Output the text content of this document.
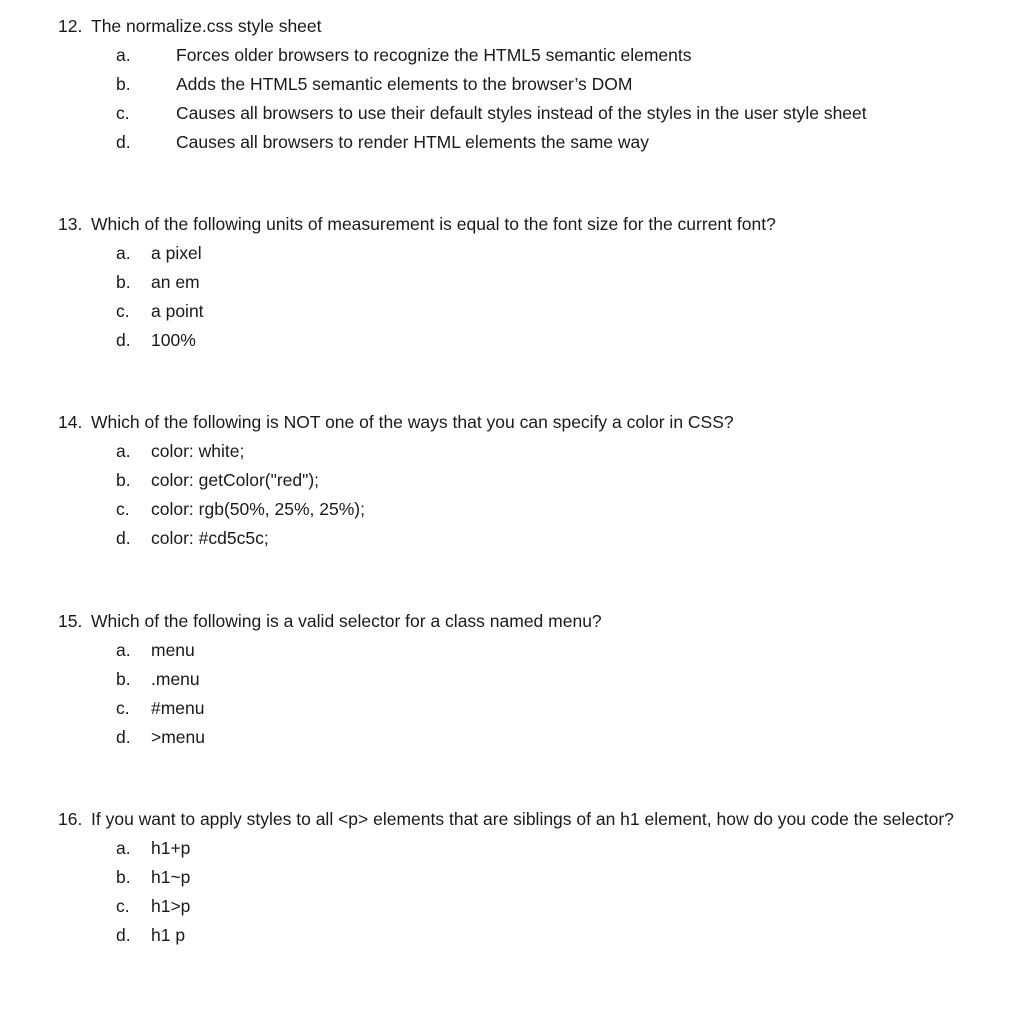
12. The normalize.css style sheet
a.	Forces older browsers to recognize the HTML5 semantic elements
b.	Adds the HTML5 semantic elements to the browser’s DOM
c.	Causes all browsers to use their default styles instead of the styles in the user style sheet
d.	Causes all browsers to render HTML elements the same way
13. Which of the following units of measurement is equal to the font size for the current font?
a.	a pixel
b.	an em
c.	a point
d.	100%
14. Which of the following is NOT one of the ways that you can specify a color in CSS?
a.	color: white;
b.	color: getColor("red");
c.	color: rgb(50%, 25%, 25%);
d.	color: #cd5c5c;
15. Which of the following is a valid selector for a class named menu?
a.	menu
b.	.menu
c.	#menu
d.	>menu
16. If you want to apply styles to all <p> elements that are siblings of an h1 element, how do you code the selector?
a.	h1+p
b.	h1~p
c.	h1>p
d.	h1 p
